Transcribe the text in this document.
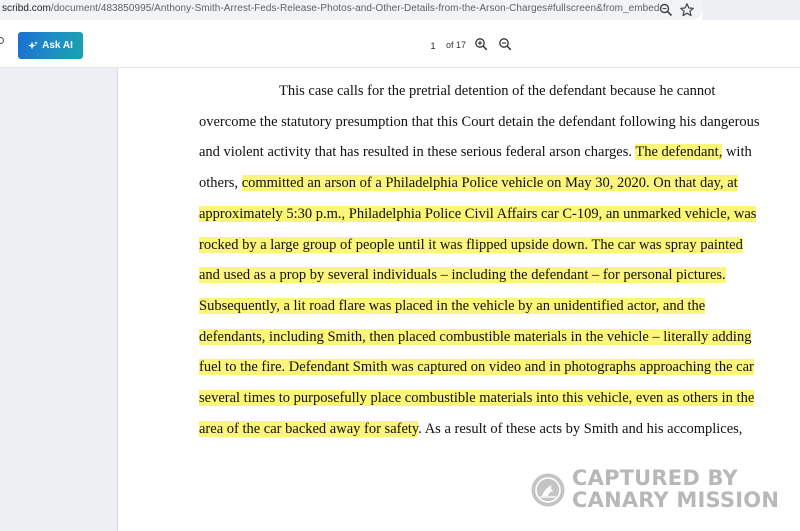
scribd.com/document/483850995/Anthony-Smith-Arrest-Feds-Release-Photos-and-Other-Details-from-the-Arson-Charges#fullscreen&from_embed
Ask AI
1	of 17
This case calls for the pretrial detention of the defendant because he cannot
overcome the statutory presumption that this Court detain the defendant following his dangerous
and violent activity that has resulted in these serious federal arson charges. The defendant, with
others, committed an arson of a Philadelphia Police vehicle on May 30, 2020. On that day, at
approximately 5:30 p.m., Philadelphia Police Civil Affairs car C-109, an unmarked vehicle, was
rocked by a large group of people until it was flipped upside down. The car was spray painted
and used as a prop by several individuals – including the defendant – for personal pictures.
Subsequently, a lit road flare was placed in the vehicle by an unidentified actor, and the
defendants, including Smith, then placed combustible materials in the vehicle – literally adding
fuel to the fire. Defendant Smith was captured on video and in photographs approaching the car
several times to purposefully place combustible materials into this vehicle, even as others in the
area of the car backed away for safety. As a result of these acts by Smith and his accomplices,
CAPTURED BY
CANARY MISSION
